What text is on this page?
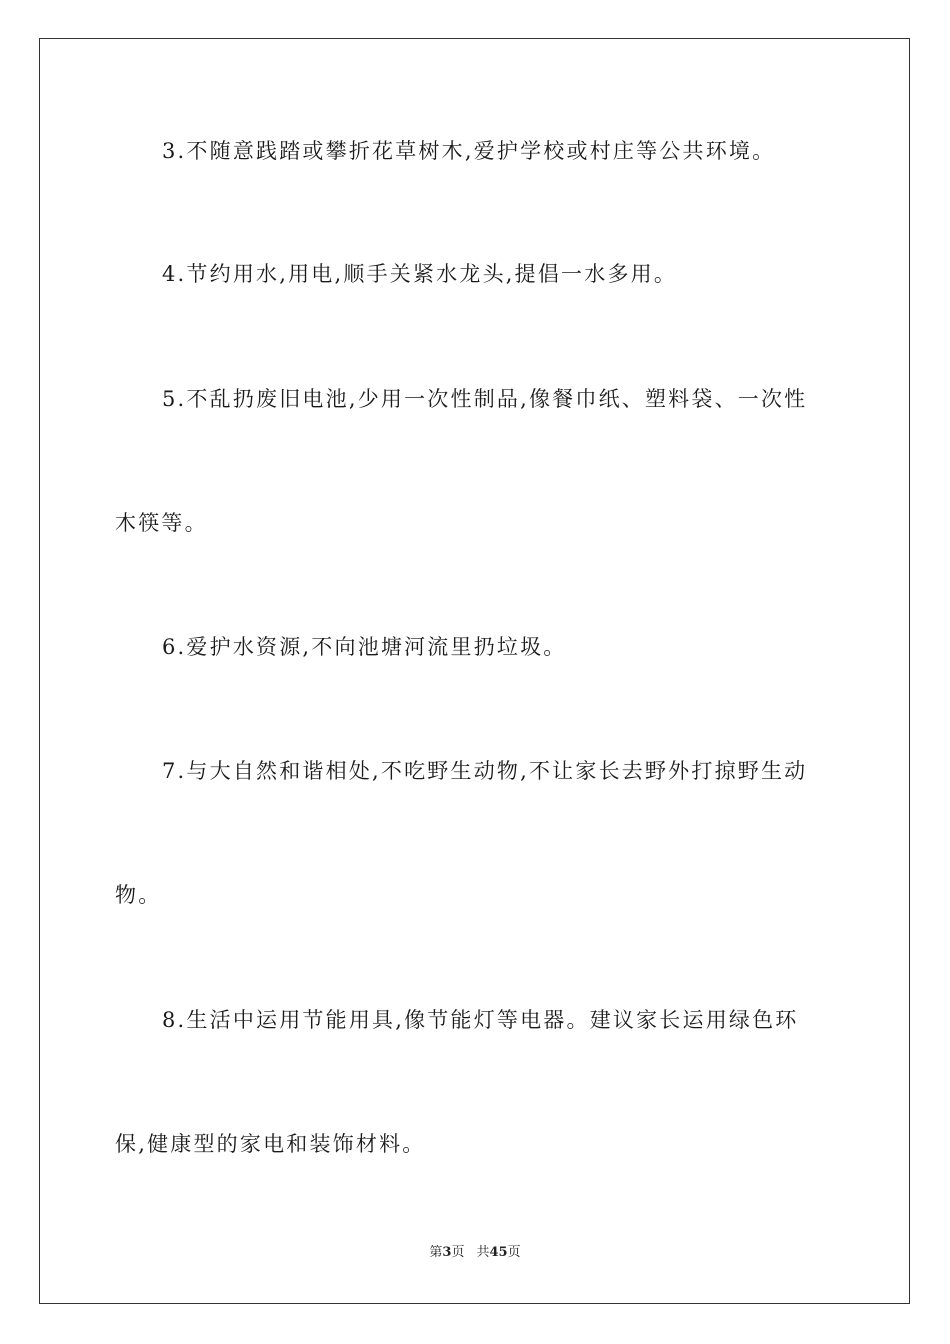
3.不随意践踏或攀折花草树木,爱护学校或村庄等公共环境。
4.节约用水,用电,顺手关紧水龙头,提倡一水多用。
5.不乱扔废旧电池,少用一次性制品,像餐巾纸、塑料袋、一次性
木筷等。
6.爱护水资源,不向池塘河流里扔垃圾。
7.与大自然和谐相处,不吃野生动物,不让家长去野外打掠野生动
物。
8.生活中运用节能用具,像节能灯等电器。建议家长运用绿色环
保,健康型的家电和装饰材料。
第3页 共45页
